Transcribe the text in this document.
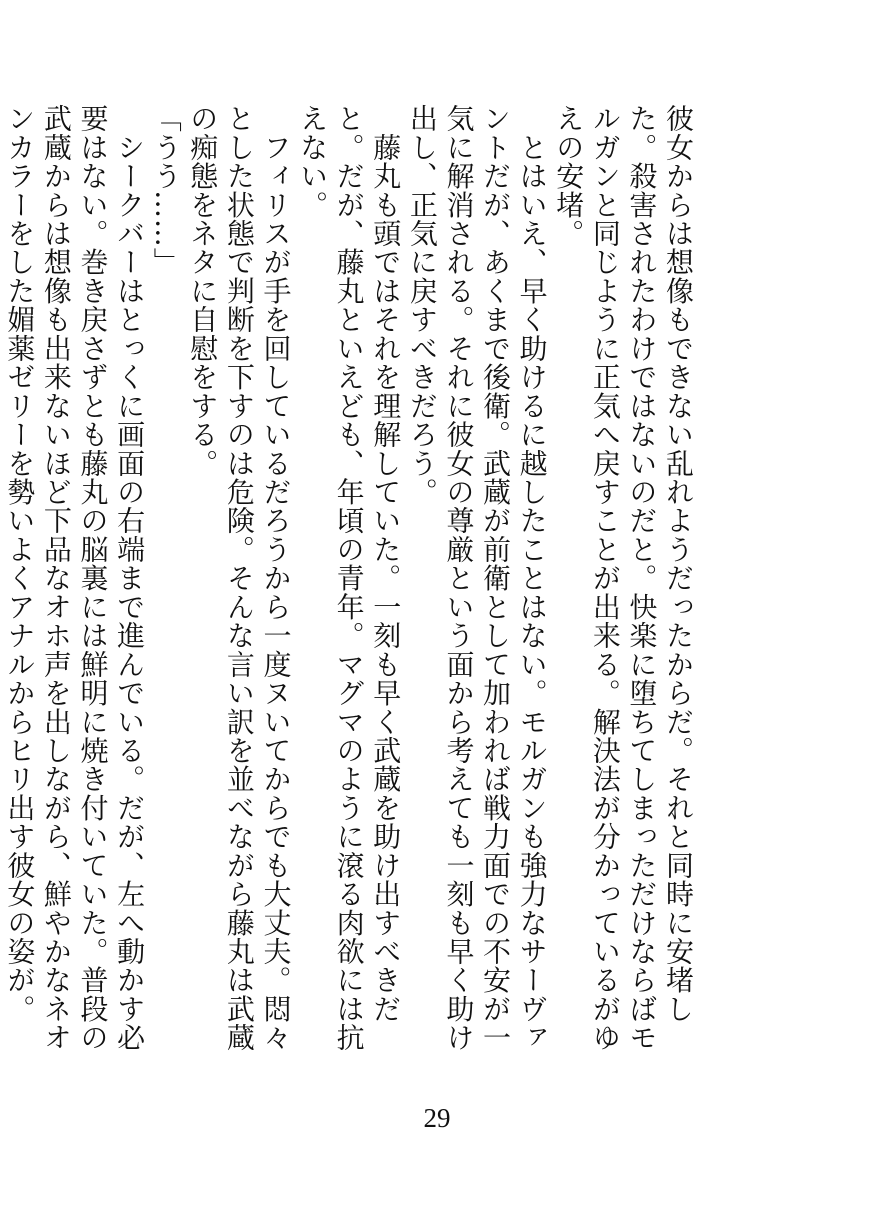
彼女からは想像もできない乱れようだったからだ。それと同時に安堵した。殺害されたわけではないのだと。快楽に堕ちてしまっただけならばモルガンと同じように正気へ戻すことが出来る。解決法が分かっているがゆえの安堵。

　とはいえ、早く助けるに越したことはない。モルガンも強力なサーヴァントだが、あくまで後衛。武蔵が前衛として加われば戦力面での不安が一気に解消される。それに彼女の尊厳という面から考えても一刻も早く助け出し、正気に戻すべきだろう。

　藤丸も頭ではそれを理解していた。一刻も早く武蔵を助け出すべきだと。だが、藤丸といえども、年頃の青年。マグマのように滾る肉欲には抗えない。

　フィリスが手を回しているだろうから一度ヌいてからでも大丈夫。悶々とした状態で判断を下すのは危険。そんな言い訳を並べながら藤丸は武蔵の痴態をネタに自慰をする。

「うう……」

　シークバーはとっくに画面の右端まで進んでいる。だが、左へ動かす必要はない。巻き戻さずとも藤丸の脳裏には鮮明に焼き付いていた。普段の武蔵からは想像も出来ないほど下品なオホ声を出しながら、鮮やかなネオンカラーをした媚薬ゼリーを勢いよくアナルからヒリ出す彼女の姿が。

29
